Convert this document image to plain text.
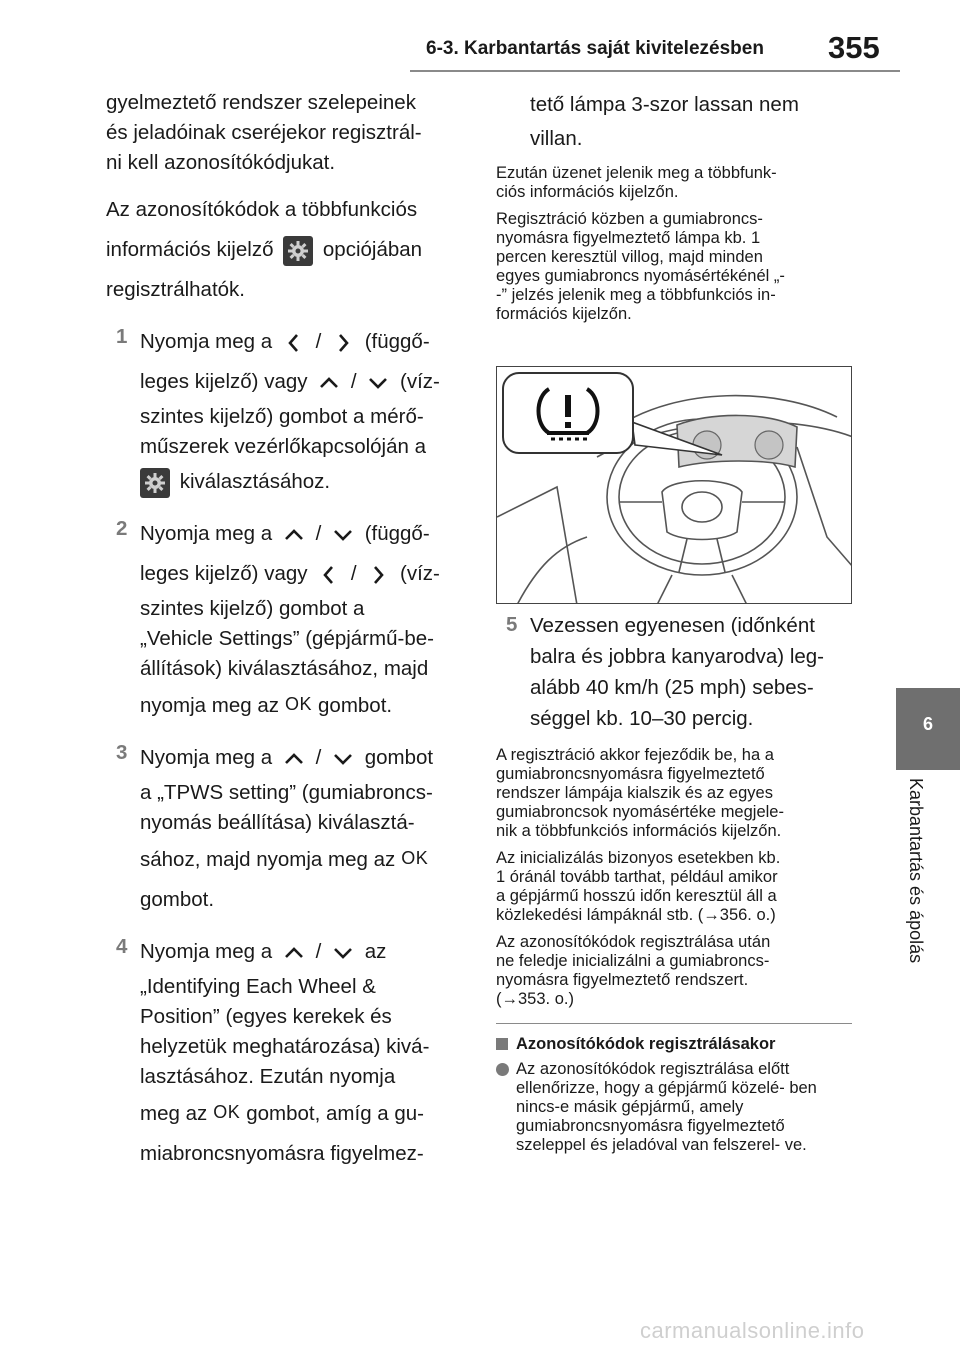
6-3. Karbantartás saját kivitelezésben 355
6
Karbantartás és ápolás
gyelmeztető rendszer szelepeinek
és jeladóinak cseréjekor regisztrál-
ni kell azonosítókódjukat.
Az azonosítókódok a többfunkciós
információs kijelző opciójában
regisztrálhatók.
1 Nyomja meg a / (függő-
leges kijelző) vagy / (víz-
szintes kijelző) gombot a mérő-
műszerek vezérlőkapcsolóján a
kiválasztásához.
2 Nyomja meg a / (függő-
leges kijelző) vagy / (víz-
szintes kijelző) gombot a
„Vehicle Settings” (gépjármű-be-
állítások) kiválasztásához, majd
nyomja meg az OK gombot.
3 Nyomja meg a / gombot
a „TPWS setting” (gumiabroncs-
nyomás beállítása) kiválasztá-
sához, majd nyomja meg az OK
gombot.
4 Nyomja meg a / az
„Identifying Each Wheel &
Position” (egyes kerekek és
helyzetük meghatározása) kivá-
lasztásához. Ezután nyomja
meg az OK gombot, amíg a gu-
miabroncsnyomásra figyelmez-
tető lámpa 3-szor lassan nem
villan.
Ezután üzenet jelenik meg a többfunk-
ciós információs kijelzőn.
Regisztráció közben a gumiabroncs-
nyomásra figyelmeztető lámpa kb. 1
percen keresztül villog, majd minden
egyes gumiabroncs nyomásértékénél „-
-” jelzés jelenik meg a többfunkciós in-
formációs kijelzőn.
5 Vezessen egyenesen (időnként
balra és jobbra kanyarodva) leg-
alább 40 km/h (25 mph) sebes-
séggel kb. 10–30 percig.
A regisztráció akkor fejeződik be, ha a
gumiabroncsnyomásra figyelmeztető
rendszer lámpája kialszik és az egyes
gumiabroncsok nyomásértéke megjele-
nik a többfunkciós információs kijelzőn.
Az inicializálás bizonyos esetekben kb.
1 óránál tovább tarthat, például amikor
a gépjármű hosszú időn keresztül áll a
közlekedési lámpáknál stb. (→356. o.)
Az azonosítókódok regisztrálása után
ne feledje inicializálni a gumiabroncs-
nyomásra figyelmeztető rendszert.
(→353. o.)
Azonosítókódok regisztrálásakor
Az azonosítókódok regisztrálása előtt ellenőrizze, hogy a gépjármű közelé- ben nincs-e másik gépjármű, amely gumiabroncsnyomásra figyelmeztető szeleppel és jeladóval van felszerel- ve.
carmanualsonline.info
